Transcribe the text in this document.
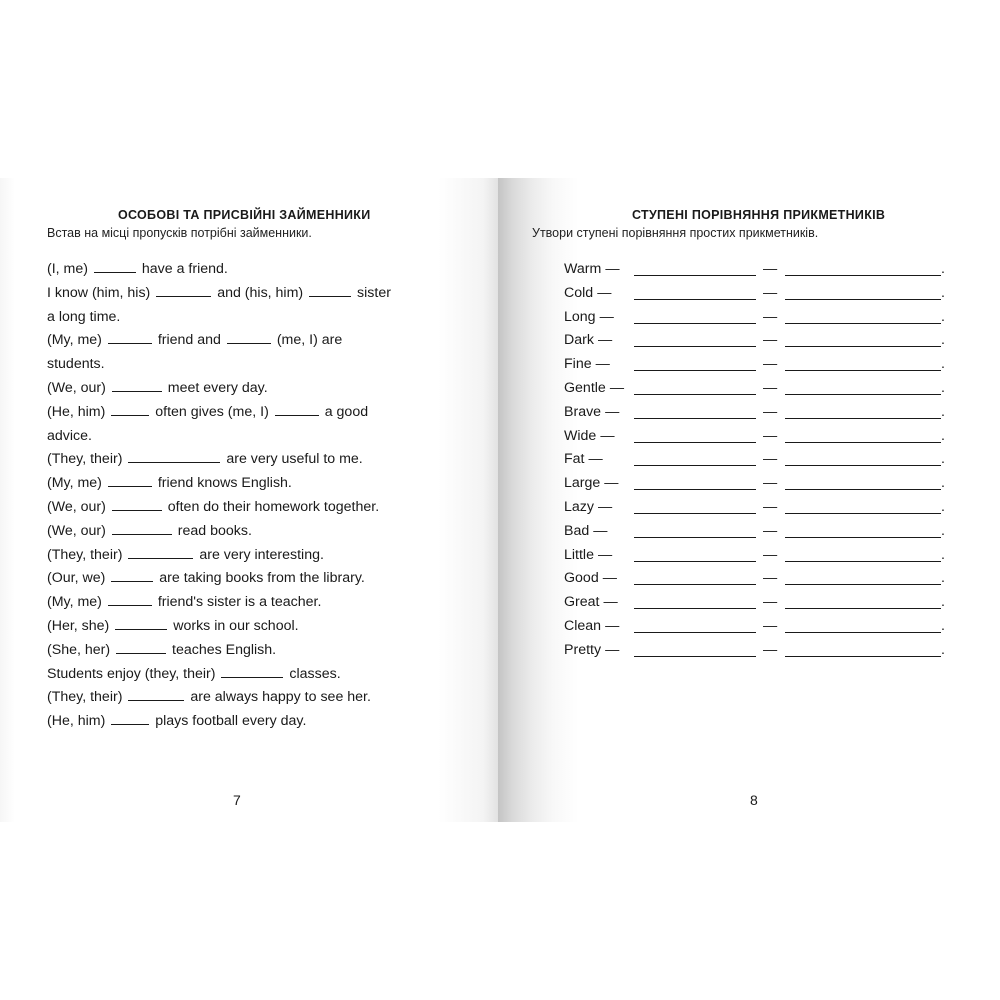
ОСОБОВІ ТА ПРИСВІЙНІ ЗАЙМЕННИКИ
Встав на місці пропусків потрібні займенники.
(I, me)	have a friend.
I know (him, his)	and (his, him)	sister
a long time.
(My, me)	friend and	(me, I) are
students.
(We, our)	meet every day.
(He, him)	often gives (me, I)	a good
advice.
(They, their)	are very useful to me.
(My, me)	friend knows English.
(We, our)	often do their homework together.
(We, our)	read books.
(They, their)	are very interesting.
(Our, we)	are taking books from the library.
(My, me)	friend's sister is a teacher.
(Her, she)	works in our school.
(She, her)	teaches English.
Students enjoy (they, their)	classes.
(They, their)	are always happy to see her.
(He, him)	plays football every day.
7
СТУПЕНІ ПОРІВНЯННЯ ПРИКМЕТНИКІВ
Утвори ступені порівняння простих прикметників.
Warm —	—	.
Cold —	—	.
Long —	—	.
Dark —	—	.
Fine —	—	.
Gentle —	—	.
Brave —	—	.
Wide —	—	.
Fat —	—	.
Large —	—	.
Lazy —	—	.
Bad —	—	.
Little —	—	.
Good —	—	.
Great —	—	.
Clean —	—	.
Pretty —	—	.
8
